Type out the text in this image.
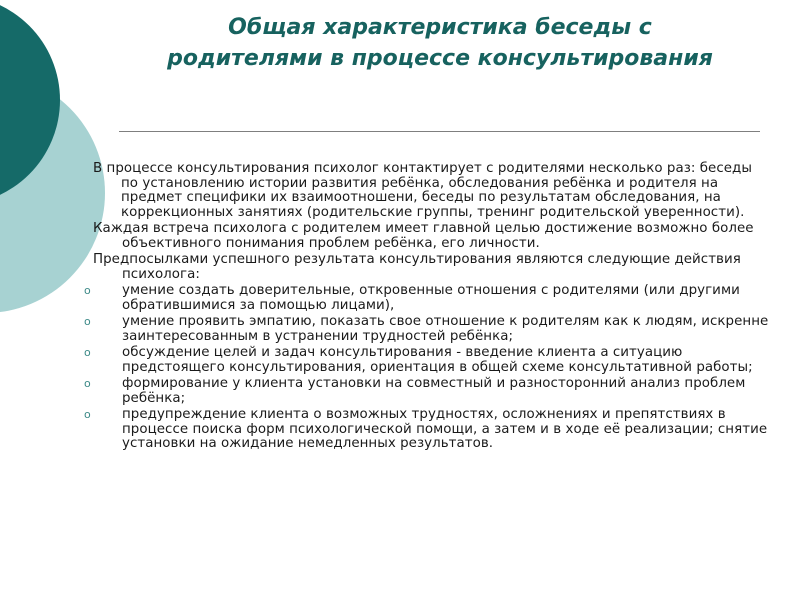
Общая характеристика беседы с
родителями в процессе консультирования

В процессе консультирования психолог контактирует с родителями несколько раз: беседы по установлению истории развития ребёнка, обследования ребёнка и родителя на предмет специфики их взаимоотношени, беседы по результатам обследования, на коррекционных занятиях (родительские группы, тренинг родительской уверенности).

Каждая встреча психолога с родителем имеет главной целью достижение возможно более объективного понимания проблем ребёнка, его личности.

Предпосылками успешного результата консультирования являются следующие действия психолога:

o умение создать доверительные, откровенные отношения с родителями (или другими обратившимися за помощью лицами),
o умение проявить эмпатию, показать свое отношение к родителям как к людям, искренне заинтересованным в устранении трудностей ребёнка;
o обсуждение целей и задач консультирования - введение клиента а ситуацию предстоящего консультирования, ориентация в общей схеме консультативной работы;
o формирование у клиента установки на совместный и разносторонний анализ проблем ребёнка;
o предупреждение клиента о возможных трудностях, осложнениях и препятствиях в процессе поиска форм психологической помощи, а затем и в ходе её реализации; снятие установки на ожидание немедленных результатов.
